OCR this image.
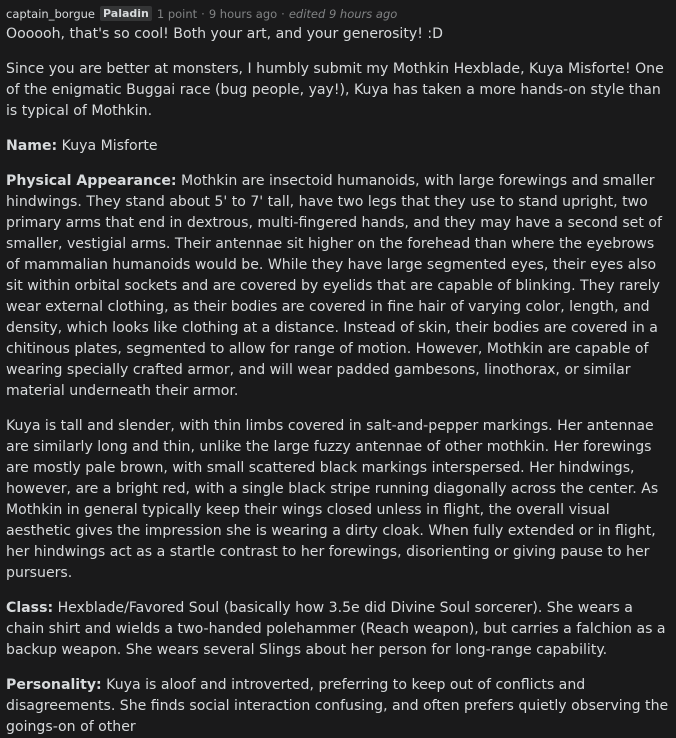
captain_borgue Paladin 1 point · 9 hours ago · edited 9 hours ago

Oooooh, that's so cool! Both your art, and your generosity! :D

Since you are better at monsters, I humbly submit my Mothkin Hexblade, Kuya Misforte! One of the enigmatic Buggai race (bug people, yay!), Kuya has taken a more hands-on style than is typical of Mothkin.

Name: Kuya Misforte

Physical Appearance: Mothkin are insectoid humanoids, with large forewings and smaller hindwings. They stand about 5' to 7' tall, have two legs that they use to stand upright, two primary arms that end in dextrous, multi-fingered hands, and they may have a second set of smaller, vestigial arms. Their antennae sit higher on the forehead than where the eyebrows of mammalian humanoids would be. While they have large segmented eyes, their eyes also sit within orbital sockets and are covered by eyelids that are capable of blinking. They rarely wear external clothing, as their bodies are covered in fine hair of varying color, length, and density, which looks like clothing at a distance. Instead of skin, their bodies are covered in a chitinous plates, segmented to allow for range of motion. However, Mothkin are capable of wearing specially crafted armor, and will wear padded gambesons, linothorax, or similar material underneath their armor.

Kuya is tall and slender, with thin limbs covered in salt-and-pepper markings. Her antennae are similarly long and thin, unlike the large fuzzy antennae of other mothkin. Her forewings are mostly pale brown, with small scattered black markings interspersed. Her hindwings, however, are a bright red, with a single black stripe running diagonally across the center. As Mothkin in general typically keep their wings closed unless in flight, the overall visual aesthetic gives the impression she is wearing a dirty cloak. When fully extended or in flight, her hindwings act as a startle contrast to her forewings, disorienting or giving pause to her pursuers.

Class: Hexblade/Favored Soul (basically how 3.5e did Divine Soul sorcerer). She wears a chain shirt and wields a two-handed polehammer (Reach weapon), but carries a falchion as a backup weapon. She wears several Slings about her person for long-range capability.

Personality: Kuya is aloof and introverted, preferring to keep out of conflicts and disagreements. She finds social interaction confusing, and often prefers quietly observing the goings-on of other
